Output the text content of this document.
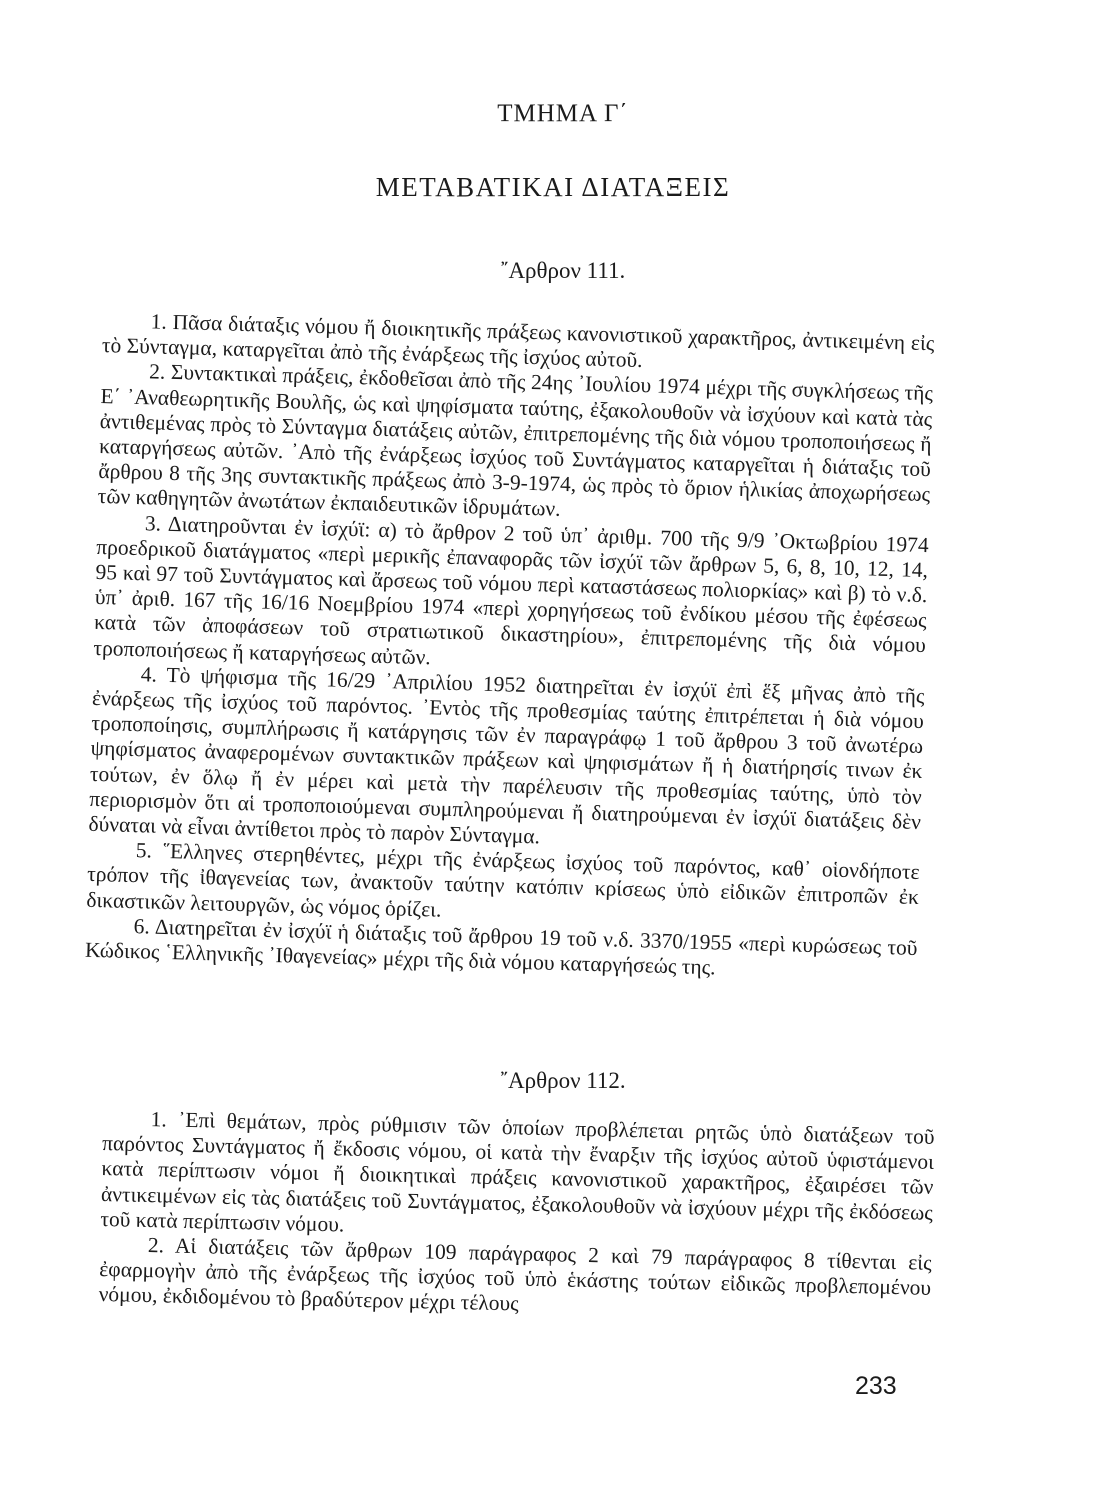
ΤΜΗΜΑ Γ΄
ΜΕΤΑΒΑΤΙΚΑΙ ΔΙΑΤΑΞΕΙΣ
῎Αρθρον 111.

1. Πᾶσα διάταξις νόμου ἤ διοικητικῆς πράξεως κανονιστικοῦ χαρακτῆρος, ἀντικειμένη εἰς τὸ Σύνταγμα, καταργεῖται ἀπὸ τῆς ἐνάρξεως τῆς ἰσχύος αὐτοῦ.

2. Συντακτικαὶ πράξεις, ἐκδοθεῖσαι ἀπὸ τῆς 24ης ᾿Ιουλίου 1974 μέχρι τῆς συγκλήσεως τῆς Ε΄ ᾿Αναθεωρητικῆς Βουλῆς, ὡς καὶ ψηφίσματα ταύτης, ἐξακολουθοῦν νὰ ἰσχύουν καὶ κατὰ τὰς ἀντιθεμένας πρὸς τὸ Σύνταγμα διατάξεις αὐτῶν, ἐπιτρεπομένης τῆς διὰ νόμου τροποποιήσεως ἤ καταργήσεως αὐτῶν. ᾿Απὸ τῆς ἐνάρξεως ἰσχύος τοῦ Συντάγματος καταργεῖται ἡ διάταξις τοῦ ἄρθρου 8 τῆς 3ης συντακτικῆς πράξεως ἀπὸ 3-9-1974, ὡς πρὸς τὸ ὅριον ἡλικίας ἀποχωρήσεως τῶν καθηγητῶν ἀνωτάτων ἐκπαιδευτικῶν ἱδρυμάτων.

3. Διατηροῦνται ἐν ἰσχύϊ: α) τὸ ἄρθρον 2 τοῦ ὑπ᾿ ἀριθμ. 700 τῆς 9/9 ᾿Οκτωβρίου 1974 προεδρικοῦ διατάγματος «περὶ μερικῆς ἐπαναφορᾶς τῶν ἰσχύϊ τῶν ἄρθρων 5, 6, 8, 10, 12, 14, 95 καὶ 97 τοῦ Συντάγματος καὶ ἄρσεως τοῦ νόμου περὶ καταστάσεως πολιορκίας» καὶ β) τὸ ν.δ. ὑπ᾿ ἀριθ. 167 τῆς 16/16 Νοεμβρίου 1974 «περὶ χορηγήσεως τοῦ ἐνδίκου μέσου τῆς ἐφέσεως κατὰ τῶν ἀποφάσεων τοῦ στρατιωτικοῦ δικαστηρίου», ἐπιτρεπομένης τῆς διὰ νόμου τροποποιήσεως ἤ καταργήσεως αὐτῶν.

4. Τὸ ψήφισμα τῆς 16/29 ᾿Απριλίου 1952 διατηρεῖται ἐν ἰσχύϊ ἐπὶ ἕξ μῆνας ἀπὸ τῆς ἐνάρξεως τῆς ἰσχύος τοῦ παρόντος. ᾿Εντὸς τῆς προθεσμίας ταύτης ἐπιτρέπεται ἡ διὰ νόμου τροποποίησις, συμπλήρωσις ἤ κατάργησις τῶν ἐν παραγράφῳ 1 τοῦ ἄρθρου 3 τοῦ ἀνωτέρω ψηφίσματος ἀναφερομένων συντακτικῶν πράξεων καὶ ψηφισμάτων ἤ ἡ διατήρησίς τινων ἐκ τούτων, ἐν ὅλῳ ἤ ἐν μέρει καὶ μετὰ τὴν παρέλευσιν τῆς προθεσμίας ταύτης, ὑπὸ τὸν περιορισμὸν ὅτι αἱ τροποποιούμεναι συμπληρούμεναι ἤ διατηρούμεναι ἐν ἰσχύϊ διατάξεις δὲν δύναται νὰ εἶναι ἀντίθετοι πρὸς τὸ παρὸν Σύνταγμα.

5. ῞Ελληνες στερηθέντες, μέχρι τῆς ἐνάρξεως ἰσχύος τοῦ παρόντος, καθ᾿ οἱονδήποτε τρόπον τῆς ἰθαγενείας των, ἀνακτοῦν ταύτην κατόπιν κρίσεως ὑπὸ εἰδικῶν ἐπιτροπῶν ἐκ δικαστικῶν λειτουργῶν, ὡς νόμος ὁρίζει.

6. Διατηρεῖται ἐν ἰσχύϊ ἡ διάταξις τοῦ ἄρθρου 19 τοῦ ν.δ. 3370/1955 «περὶ κυρώσεως τοῦ Κώδικος ῾Ελληνικῆς ᾿Ιθαγενείας» μέχρι τῆς διὰ νόμου καταργήσεώς της.

῎Αρθρον 112.

1. ᾿Επὶ θεμάτων, πρὸς ρύθμισιν τῶν ὁποίων προβλέπεται ρητῶς ὑπὸ διατάξεων τοῦ παρόντος Συντάγματος ἤ ἔκδοσις νόμου, οἱ κατὰ τὴν ἔναρξιν τῆς ἰσχύος αὐτοῦ ὑφιστάμενοι κατὰ περίπτωσιν νόμοι ἤ διοικητικαὶ πράξεις κανονιστικοῦ χαρακτῆρος, ἐξαιρέσει τῶν ἀντικειμένων εἰς τὰς διατάξεις τοῦ Συντάγματος, ἐξακολουθοῦν νὰ ἰσχύουν μέχρι τῆς ἐκδόσεως τοῦ κατὰ περίπτωσιν νόμου.

2. Αἱ διατάξεις τῶν ἄρθρων 109 παράγραφος 2 καὶ 79 παράγραφος 8 τίθενται εἰς ἐφαρμογὴν ἀπὸ τῆς ἐνάρξεως τῆς ἰσχύος τοῦ ὑπὸ ἑκάστης τούτων εἰδικῶς προβλεπομένου νόμου, ἐκδιδομένου τὸ βραδύτερον μέχρι τέλους

233
